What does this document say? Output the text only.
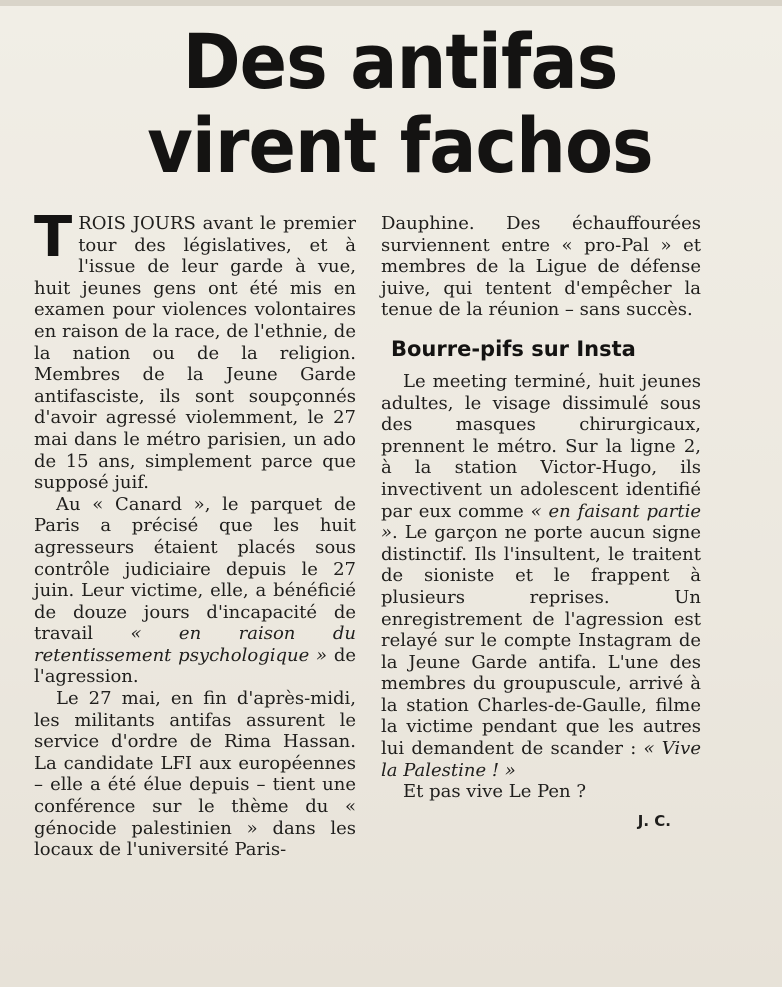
Des antifas
virent fachos

TROIS JOURS avant le premier tour des législatives, et à l'issue de leur garde à vue, huit jeunes gens ont été mis en examen pour violences volontaires en raison de la race, de l'ethnie, de la nation ou de la religion. Membres de la Jeune Garde antifasciste, ils sont soupçonnés d'avoir agressé violemment, le 27 mai dans le métro parisien, un ado de 15 ans, simplement parce que supposé juif.

Au « Canard », le parquet de Paris a précisé que les huit agresseurs étaient placés sous contrôle judiciaire depuis le 27 juin. Leur victime, elle, a bénéficié de douze jours d'incapacité de travail « en raison du retentissement psychologique » de l'agression.

Le 27 mai, en fin d'après-midi, les militants antifas assurent le service d'ordre de Rima Hassan. La candidate LFI aux européennes – elle a été élue depuis – tient une conférence sur le thème du « génocide palestinien » dans les locaux de l'université Paris-

Dauphine. Des échauffourées surviennent entre « pro-Pal » et membres de la Ligue de défense juive, qui tentent d'empêcher la tenue de la réunion – sans succès.

Bourre-pifs sur Insta

Le meeting terminé, huit jeunes adultes, le visage dissimulé sous des masques chirurgicaux, prennent le métro. Sur la ligne 2, à la station Victor-Hugo, ils invectivent un adolescent identifié par eux comme « en faisant partie ». Le garçon ne porte aucun signe distinctif. Ils l'insultent, le traitent de sioniste et le frappent à plusieurs reprises. Un enregistrement de l'agression est relayé sur le compte Instagram de la Jeune Garde antifa. L'une des membres du groupuscule, arrivé à la station Charles-de-Gaulle, filme la victime pendant que les autres lui demandent de scander : « Vive la Palestine ! »

Et pas vive Le Pen ?

J. C.
